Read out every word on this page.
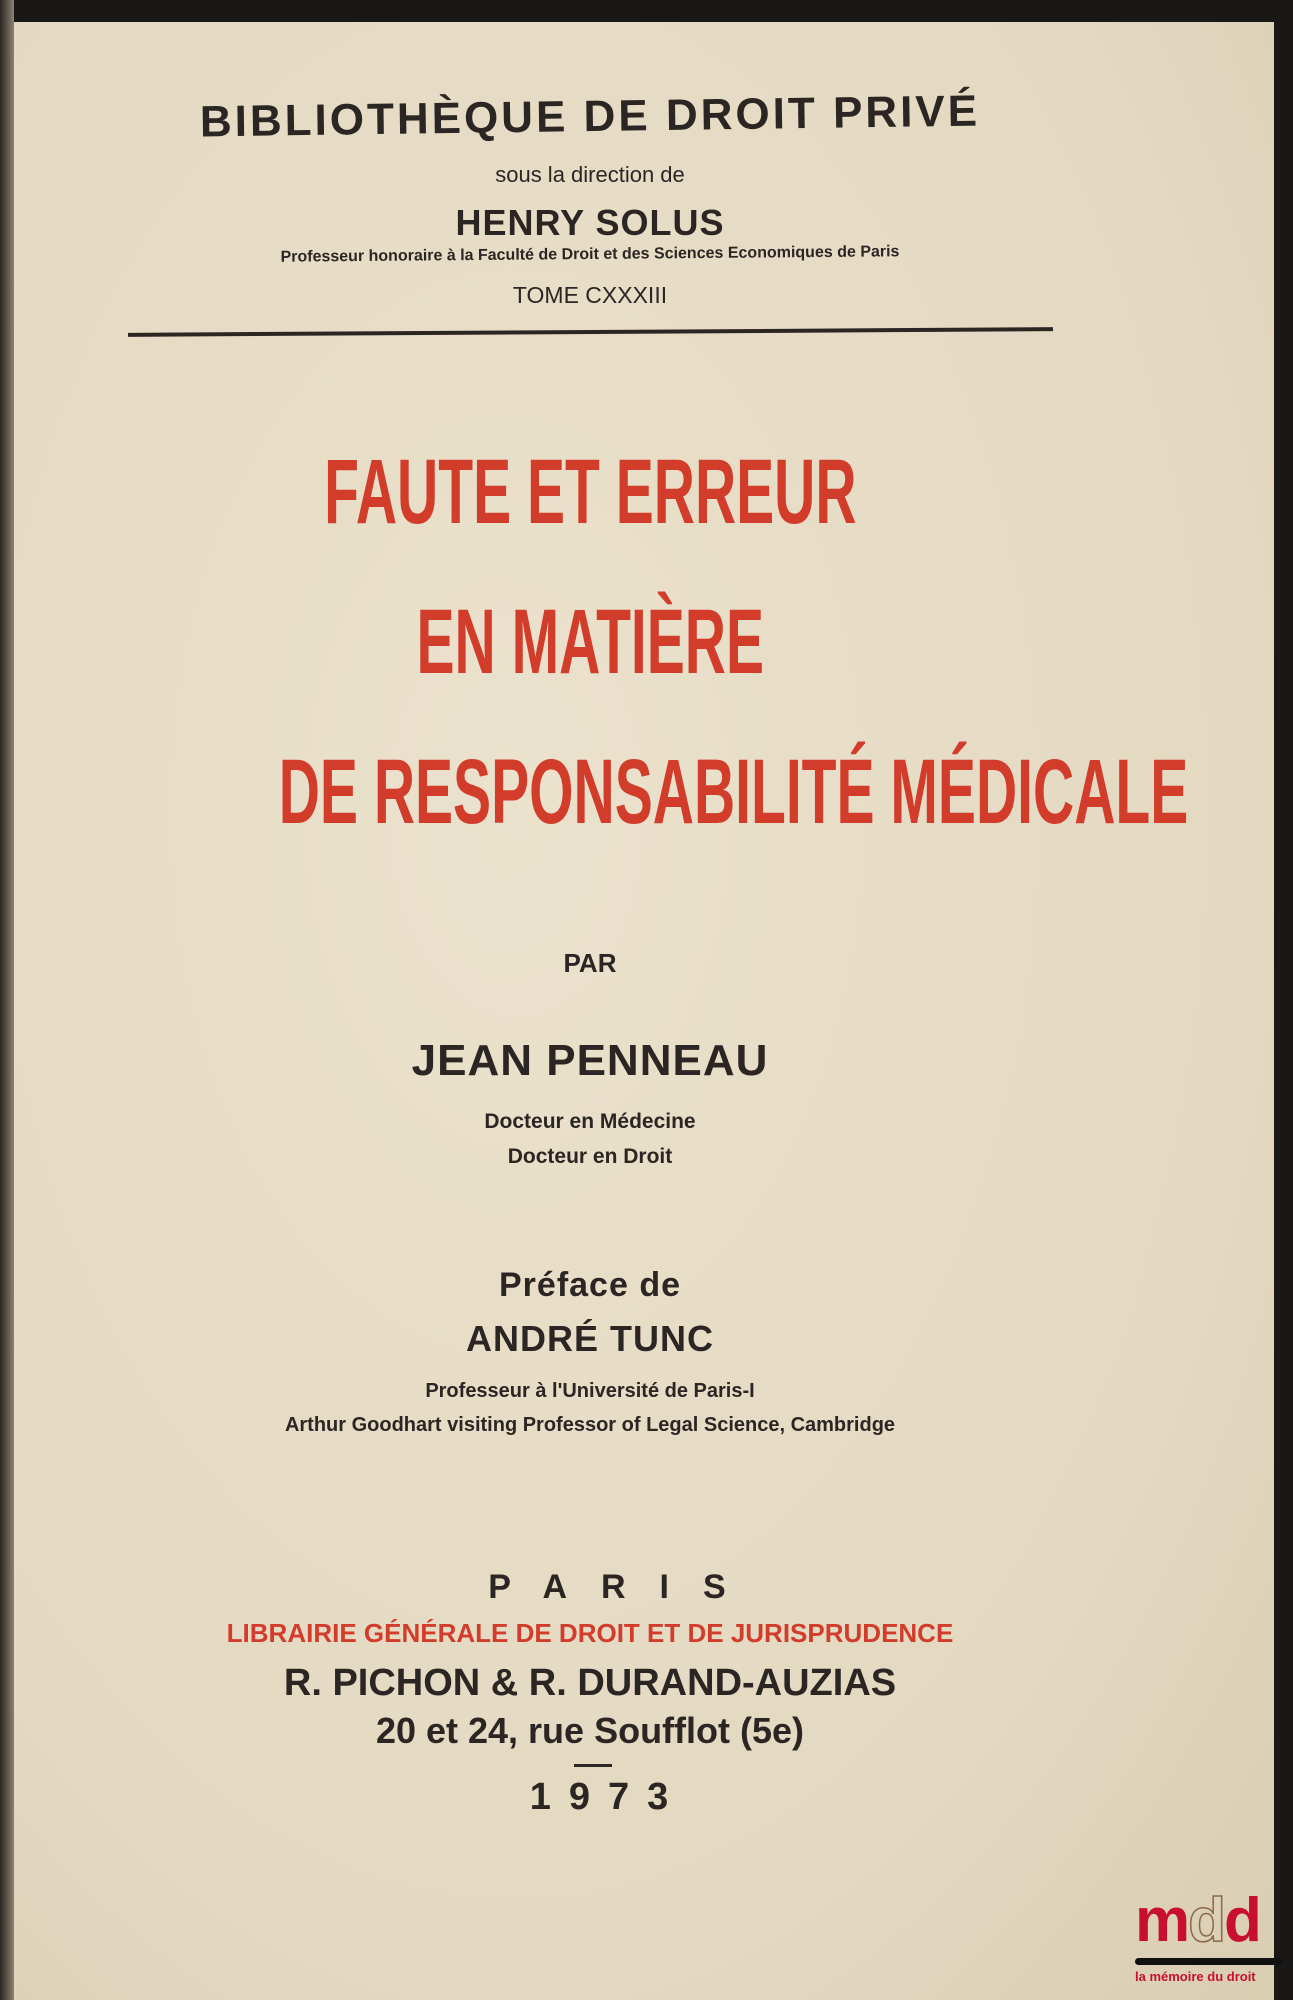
BIBLIOTHÈQUE DE DROIT PRIVÉ
sous la direction de
HENRY SOLUS
Professeur honoraire à la Faculté de Droit et des Sciences Economiques de Paris
TOME CXXXIII
FAUTE ET ERREUR
EN MATIÈRE
DE RESPONSABILITÉ MÉDICALE
PAR
JEAN PENNEAU
Docteur en Médecine
Docteur en Droit
Préface de
ANDRÉ TUNC
Professeur à l'Université de Paris-I
Arthur Goodhart visiting Professor of Legal Science, Cambridge
PARIS
LIBRAIRIE GÉNÉRALE DE DROIT ET DE JURISPRUDENCE
R. PICHON & R. DURAND-AUZIAS
20 et 24, rue Soufflot (5e)
1973
mdd
la mémoire du droit
